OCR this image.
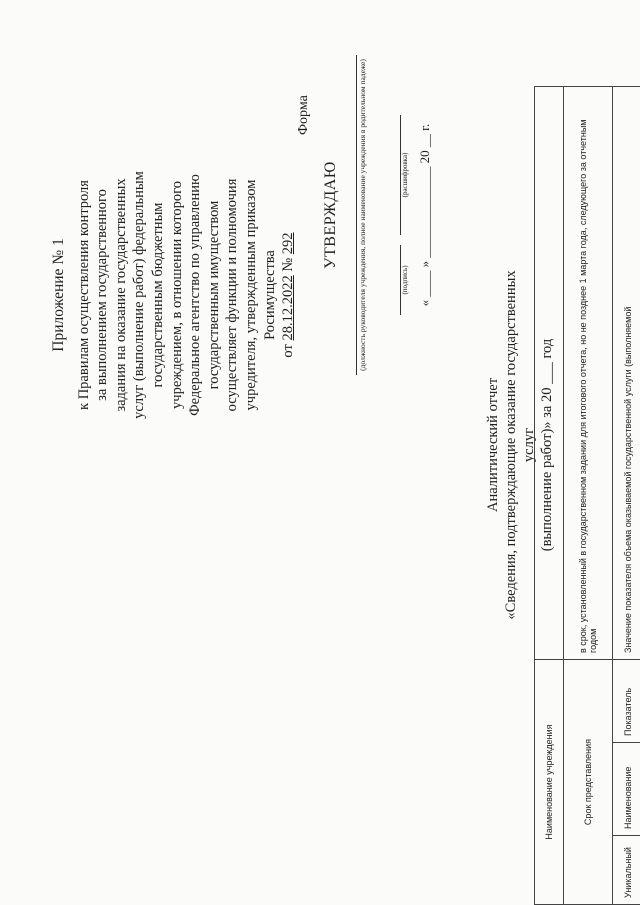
Приложение № 1 к Правилам осуществления контроля за выполнением государственного задания на оказание государственных услуг (выполнение работ) федеральным государственным бюджетным учреждением, в отношении которого Федеральное агентство по управлению государственным имуществом осуществляет функции и полномочия учредителя, утвержденным приказом Росимущества
от 28.12.2022 № 292
Форма
УТВЕРЖДАЮ	(должность руководителя учреждения, полное наименование учреждения в родительном падеже)	(подпись)
(расшифровка)
« ____ » ______________ 20 __ г.
Аналитический отчет «Сведения, подтверждающие оказание государственных услуг (выполнение работ)» за 20 ___ год
Наименование учреждения			
Срок представления			в срок, установленный в государственном задании для итогового отчета, но не позднее 1 марта года, следующего за отчетным годом
Уникальный	Наименование	Показатель	Значение показателя объема оказываемой государственной услуги (выполняемой
